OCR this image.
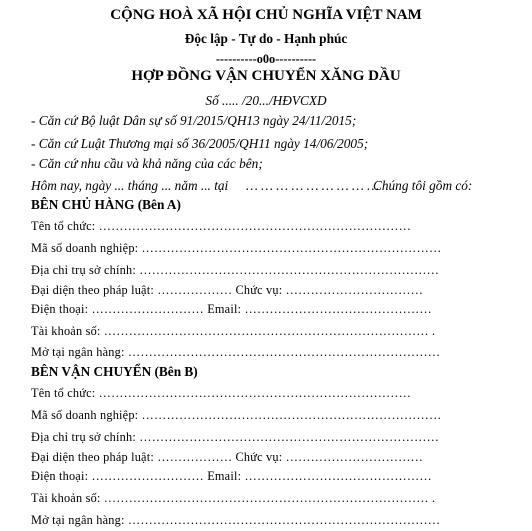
CỘNG HOÀ XÃ HỘI CHỦ NGHĨA VIỆT NAM
Độc lập - Tự do - Hạnh phúc
----------o0o----------
HỢP ĐỒNG VẬN CHUYỂN XĂNG DẦU
Số ..... /20.../HĐVCXD
- Căn cứ Bộ luật Dân sự số 91/2015/QH13 ngày 24/11/2015;
- Căn cứ Luật Thương mại số 36/2005/QH11 ngày 14/06/2005;
- Căn cứ nhu cầu và khả năng của các bên;
Hôm nay, ngày ... tháng ... năm ... tại … … … … … … … … …
Chúng tôi gồm có:
BÊN CHỦ HÀNG (Bên A)
Tên tổ chức: …………………………………………………………………
Mã số doanh nghiệp: ………………………………………………………………
Địa chỉ trụ sở chính: ………………………………………………………………
Đại diện theo pháp luật: ……………… Chức vụ: ……………………………
Điện thoại: ……………………… Email: ………………………………………
Tài khoản số: …………………………………………………………………… .
Mở tại ngân hàng: …………………………………………………………………
BÊN VẬN CHUYỂN (Bên B)
Tên tổ chức: …………………………………………………………………
Mã số doanh nghiệp: ………………………………………………………………
Địa chỉ trụ sở chính: ………………………………………………………………
Đại diện theo pháp luật: ……………… Chức vụ: ……………………………
Điện thoại: ……………………… Email: ………………………………………
Tài khoản số: …………………………………………………………………… .
Mở tại ngân hàng: …………………………………………………………………
